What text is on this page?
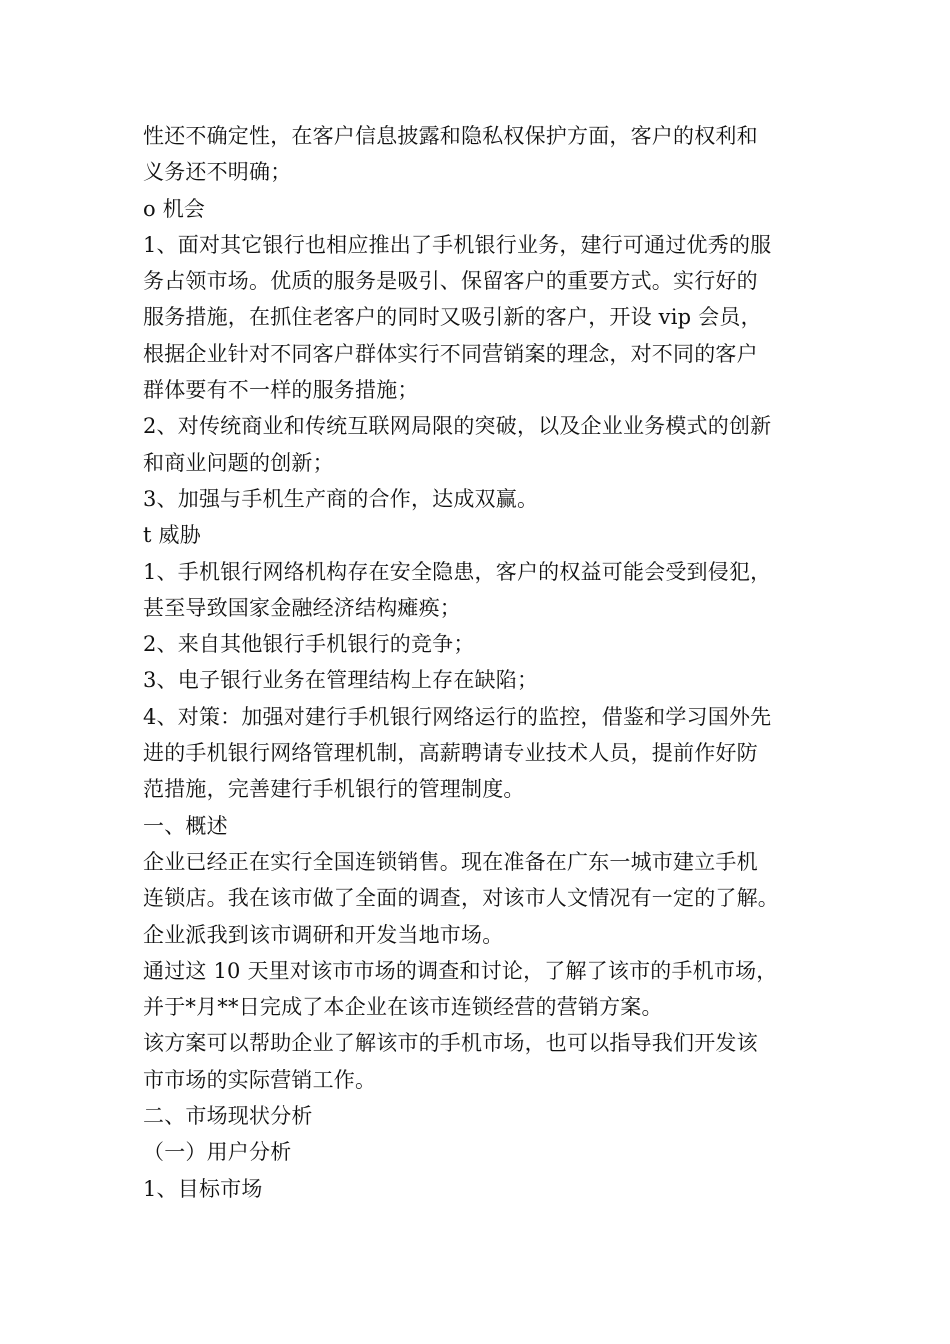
性还不确定性，在客户信息披露和隐私权保护方面，客户的权利和
义务还不明确；
o 机会
1、面对其它银行也相应推出了手机银行业务，建行可通过优秀的服
务占领市场。优质的服务是吸引、保留客户的重要方式。实行好的
服务措施，在抓住老客户的同时又吸引新的客户，开设 vip 会员，
根据企业针对不同客户群体实行不同营销案的理念，对不同的客户
群体要有不一样的服务措施；
2、对传统商业和传统互联网局限的突破，以及企业业务模式的创新
和商业问题的创新；
3、加强与手机生产商的合作，达成双赢。
t 威胁
1、手机银行网络机构存在安全隐患，客户的权益可能会受到侵犯，
甚至导致国家金融经济结构瘫痪；
2、来自其他银行手机银行的竞争；
3、电子银行业务在管理结构上存在缺陷；
4、对策：加强对建行手机银行网络运行的监控，借鉴和学习国外先
进的手机银行网络管理机制，高薪聘请专业技术人员，提前作好防
范措施，完善建行手机银行的管理制度。
一、概述
企业已经正在实行全国连锁销售。现在准备在广东一城市建立手机
连锁店。我在该市做了全面的调查，对该市人文情况有一定的了解。
企业派我到该市调研和开发当地市场。
通过这 10 天里对该市市场的调查和讨论，了解了该市的手机市场，
并于*月**日完成了本企业在该市连锁经营的营销方案。
该方案可以帮助企业了解该市的手机市场，也可以指导我们开发该
市市场的实际营销工作。
二、市场现状分析
（一）用户分析
1、目标市场
